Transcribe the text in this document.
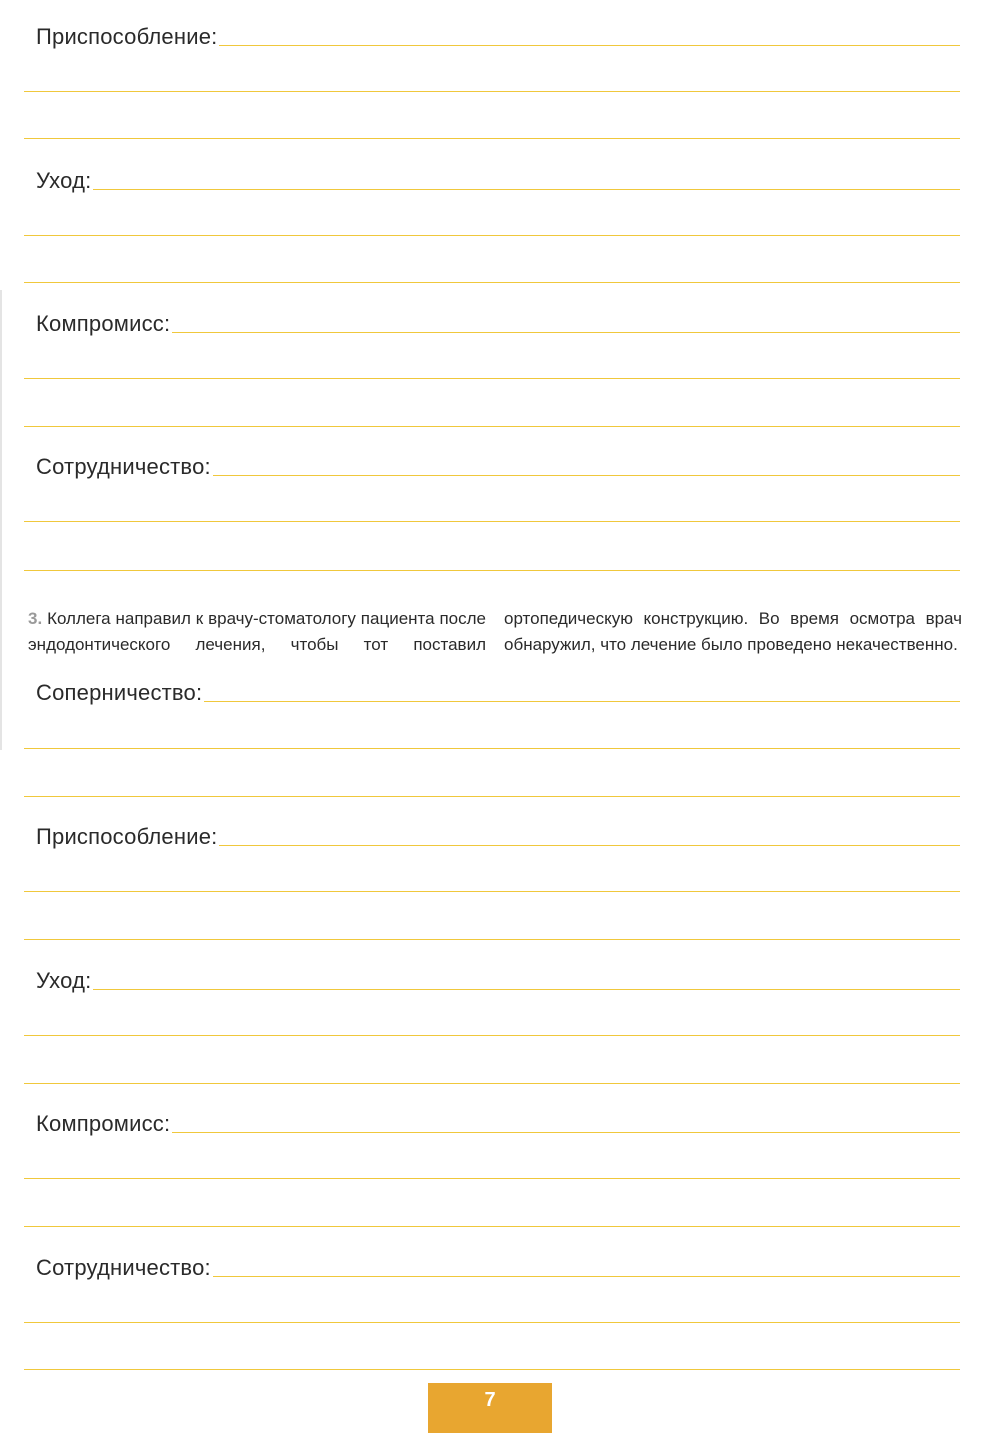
Приспособление:
Уход:
Компромисс:
Сотрудничество:
3. Коллега направил к врачу-стоматологу пациента после эндодонтического лечения, чтобы тот поставил
ортопедическую конструкцию. Во время осмотра врач обнаружил, что лечение было проведено некачественно.
Соперничество:
Приспособление:
Уход:
Компромисс:
Сотрудничество:
7
